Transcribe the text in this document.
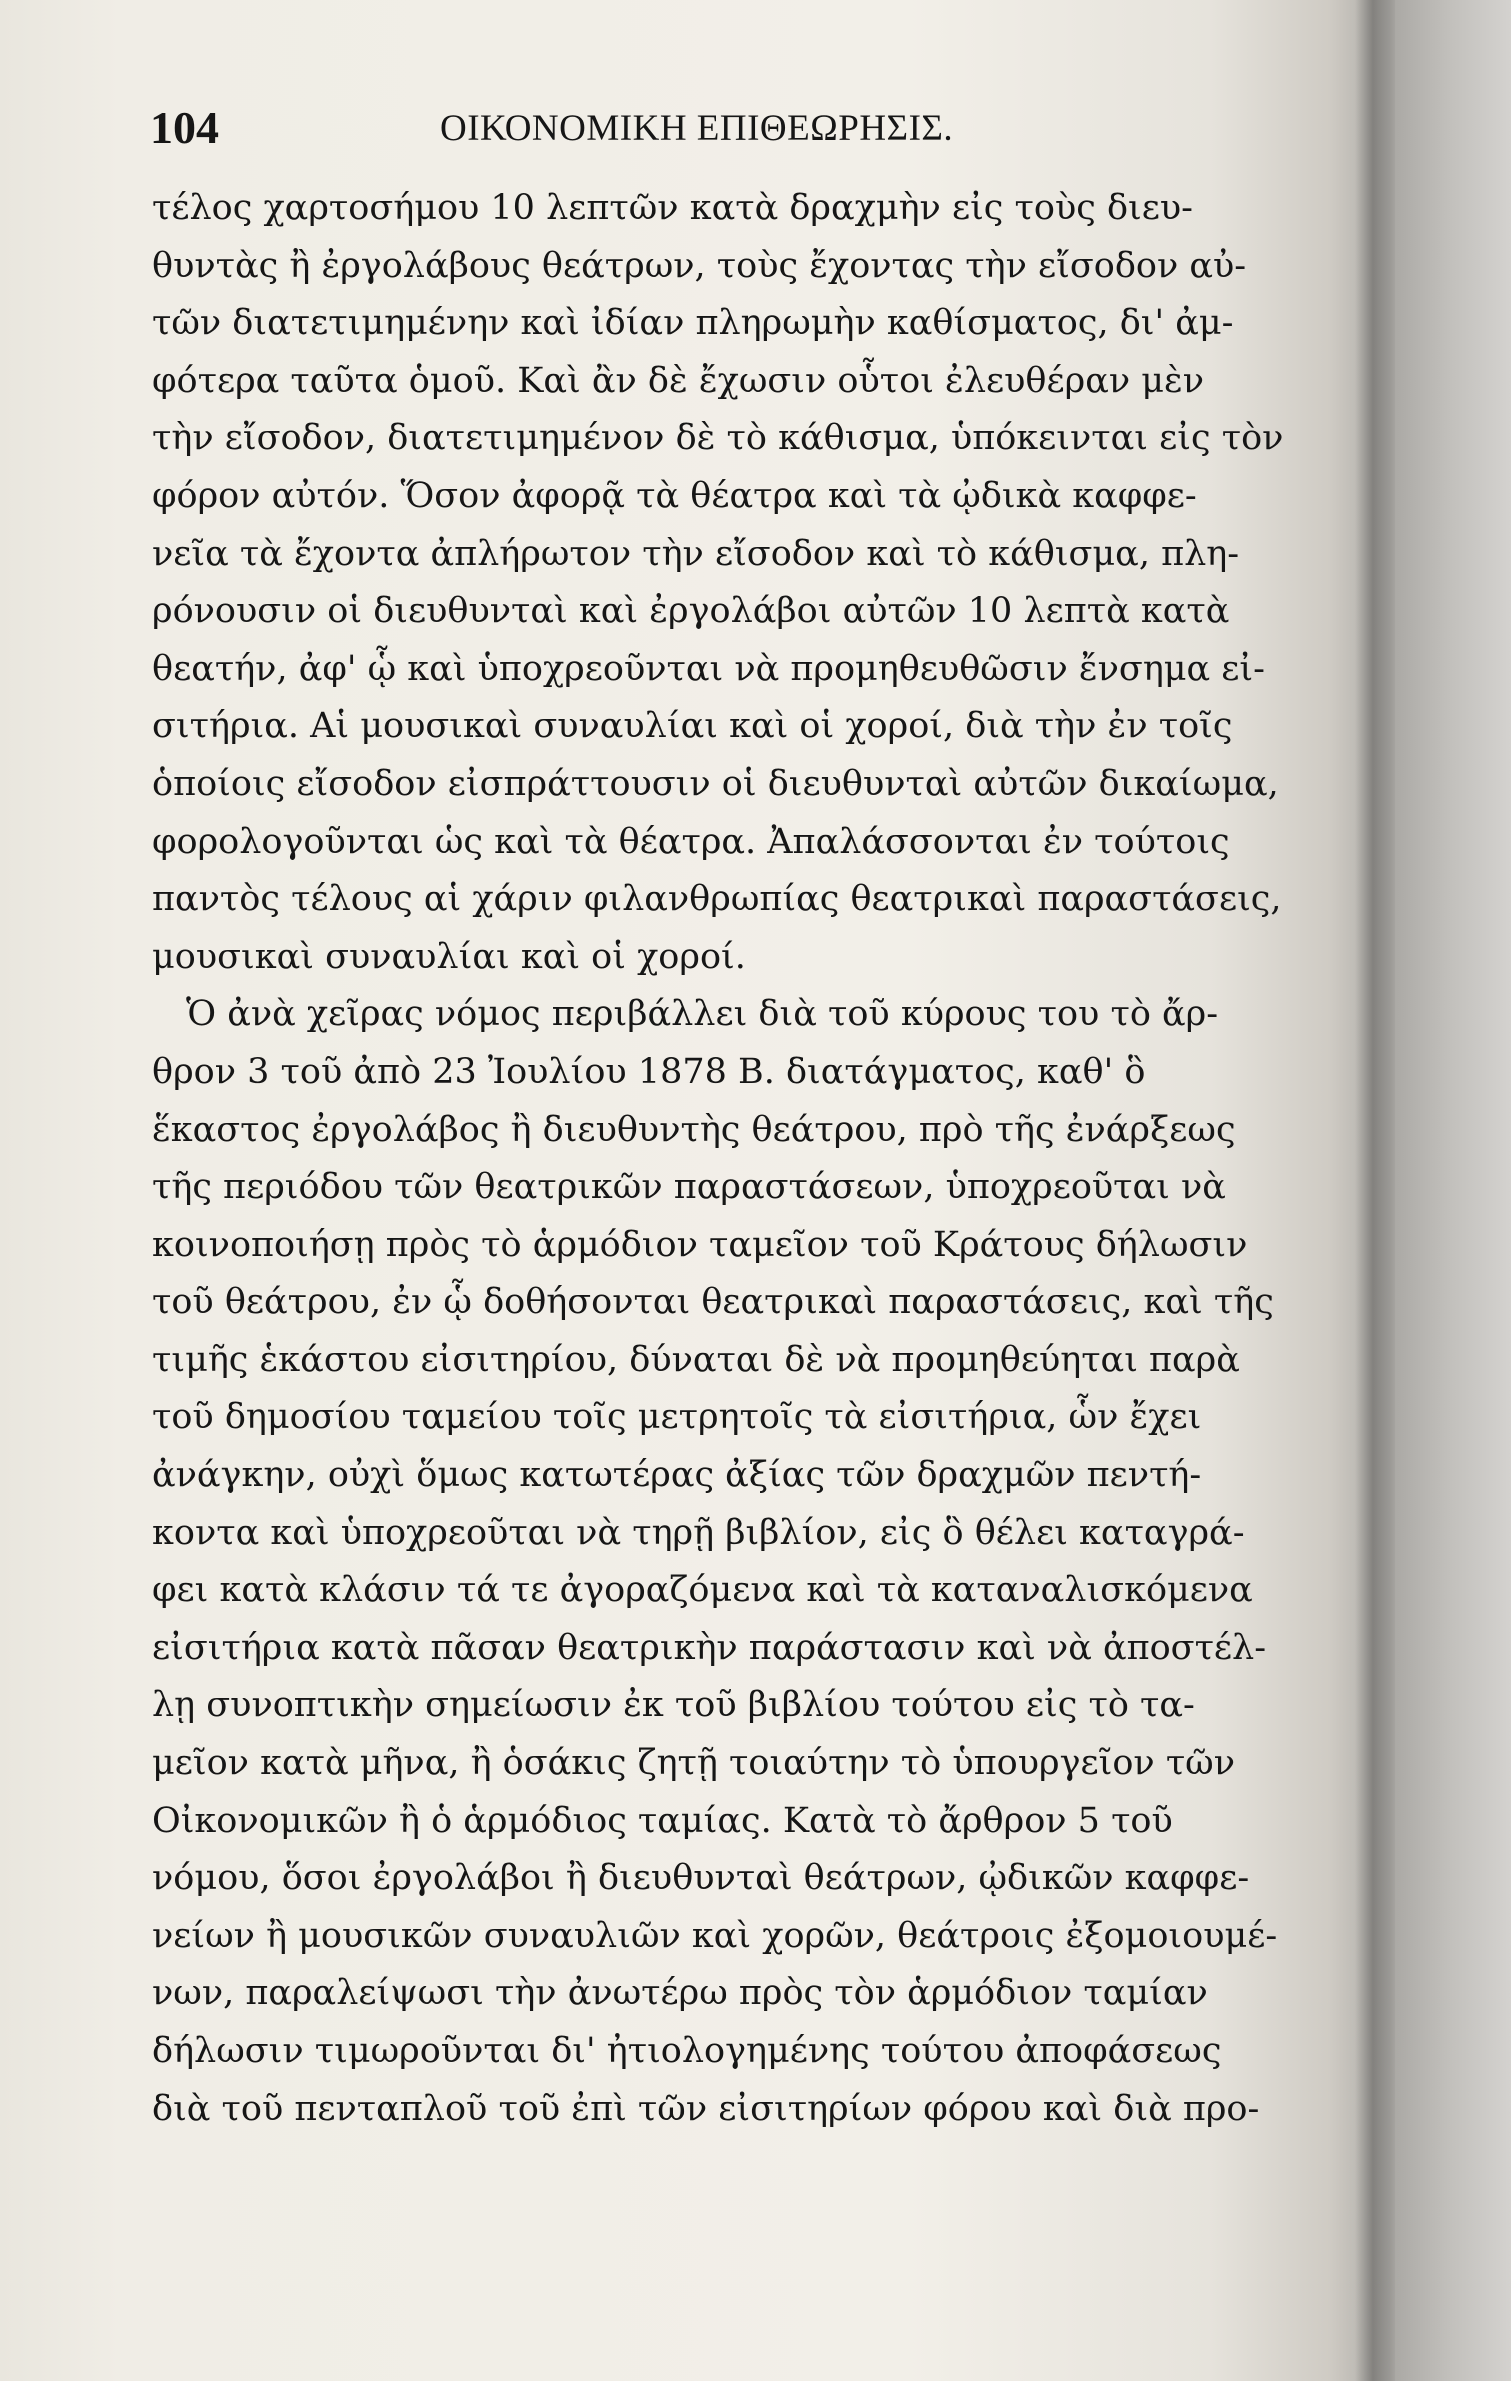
104	ΟΙΚΟΝΟΜΙΚΗ ΕΠΙΘΕΩΡΗΣΙΣ.
τέλος χαρτοσήμου 10 λεπτῶν κατὰ δραχμὴν εἰς τοὺς διευ-
θυντὰς ἢ ἐργολάβους θεάτρων, τοὺς ἔχοντας τὴν εἴσοδον αὐ-
τῶν διατετιμημένην καὶ ἰδίαν πληρωμὴν καθίσματος, δι' ἀμ-
φότερα ταῦτα ὁμοῦ. Καὶ ἂν δὲ ἔχωσιν οὗτοι ἐλευθέραν μὲν
τὴν εἴσοδον, διατετιμημένον δὲ τὸ κάθισμα, ὑπόκεινται εἰς τὸν
φόρον αὐτόν. Ὅσον ἀφορᾷ τὰ θέατρα καὶ τὰ ᾠδικὰ καφφε-
νεῖα τὰ ἔχοντα ἀπλήρωτον τὴν εἴσοδον καὶ τὸ κάθισμα, πλη-
ρόνουσιν οἱ διευθυνταὶ καὶ ἐργολάβοι αὐτῶν 10 λεπτὰ κατὰ
θεατήν, ἀφ' ᾧ καὶ ὑποχρεοῦνται νὰ προμηθευθῶσιν ἔνσημα εἰ-
σιτήρια. Αἱ μουσικαὶ συναυλίαι καὶ οἱ χοροί, διὰ τὴν ἐν τοῖς
ὁποίοις εἴσοδον εἰσπράττουσιν οἱ διευθυνταὶ αὐτῶν δικαίωμα,
φορολογοῦνται ὡς καὶ τὰ θέατρα. Ἀπαλάσσονται ἐν τούτοις
παντὸς τέλους αἱ χάριν φιλανθρωπίας θεατρικαὶ παραστάσεις,
μουσικαὶ συναυλίαι καὶ οἱ χοροί.
Ὁ ἀνὰ χεῖρας νόμος περιβάλλει διὰ τοῦ κύρους του τὸ ἄρ-
θρον 3 τοῦ ἀπὸ 23 Ἰουλίου 1878 Β. διατάγματος, καθ' ὃ
ἕκαστος ἐργολάβος ἢ διευθυντὴς θεάτρου, πρὸ τῆς ἐνάρξεως
τῆς περιόδου τῶν θεατρικῶν παραστάσεων, ὑποχρεοῦται νὰ
κοινοποιήσῃ πρὸς τὸ ἁρμόδιον ταμεῖον τοῦ Κράτους δήλωσιν
τοῦ θεάτρου, ἐν ᾧ δοθήσονται θεατρικαὶ παραστάσεις, καὶ τῆς
τιμῆς ἑκάστου εἰσιτηρίου, δύναται δὲ νὰ προμηθεύηται παρὰ
τοῦ δημοσίου ταμείου τοῖς μετρητοῖς τὰ εἰσιτήρια, ὧν ἔχει
ἀνάγκην, οὐχὶ ὅμως κατωτέρας ἀξίας τῶν δραχμῶν πεντή-
κοντα καὶ ὑποχρεοῦται νὰ τηρῇ βιβλίον, εἰς ὃ θέλει καταγρά-
φει κατὰ κλάσιν τά τε ἀγοραζόμενα καὶ τὰ καταναλισκόμενα
εἰσιτήρια κατὰ πᾶσαν θεατρικὴν παράστασιν καὶ νὰ ἀποστέλ-
λῃ συνοπτικὴν σημείωσιν ἐκ τοῦ βιβλίου τούτου εἰς τὸ τα-
μεῖον κατὰ μῆνα, ἢ ὁσάκις ζητῇ τοιαύτην τὸ ὑπουργεῖον τῶν
Οἰκονομικῶν ἢ ὁ ἁρμόδιος ταμίας. Κατὰ τὸ ἄρθρον 5 τοῦ
νόμου, ὅσοι ἐργολάβοι ἢ διευθυνταὶ θεάτρων, ᾠδικῶν καφφε-
νείων ἢ μουσικῶν συναυλιῶν καὶ χορῶν, θεάτροις ἐξομοιουμέ-
νων, παραλείψωσι τὴν ἀνωτέρω πρὸς τὸν ἁρμόδιον ταμίαν
δήλωσιν τιμωροῦνται δι' ἠτιολογημένης τούτου ἀποφάσεως
διὰ τοῦ πενταπλοῦ τοῦ ἐπὶ τῶν εἰσιτηρίων φόρου καὶ διὰ προ-
